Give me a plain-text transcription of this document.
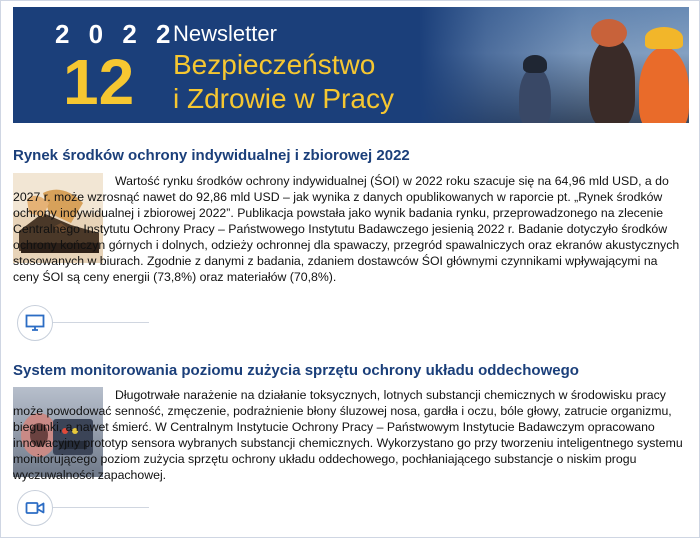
2 0 2 2
12
Newsletter
Bezpieczeństwo
i Zdrowie w Pracy
Rynek środków ochrony indywidualnej i zbiorowej 2022

Wartość rynku środków ochrony indywidualnej (ŚOI) w 2022 roku szacuje się na 64,96 mld USD, a do 2027 r. może wzrosnąć nawet do 92,86 mld USD – jak wynika z danych opublikowanych w raporcie pt. „Rynek środków ochrony indywidualnej i zbiorowej 2022”. Publikacja powstała jako wynik badania rynku, przeprowadzonego na zlecenie Centralnego Instytutu Ochrony Pracy – Państwowego Instytutu Badawczego jesienią 2022 r. Badanie dotyczyło środków ochrony kończyn górnych i dolnych, odzieży ochronnej dla spawaczy, przegród spawalniczych oraz ekranów akustycznych stosowanych w biurach. Zgodnie z danymi z badania, zdaniem dostawców ŚOI głównymi czynnikami wpływającymi na ceny ŚOI są ceny energii (73,8%) oraz materiałów (70,8%).

System monitorowania poziomu zużycia sprzętu ochrony układu oddechowego

Długotrwałe narażenie na działanie toksycznych, lotnych substancji chemicznych w środowisku pracy może powodować senność, zmęczenie, podrażnienie błony śluzowej nosa, gardła i oczu, bóle głowy, zatrucie organizmu, biegunki, a nawet śmierć. W Centralnym Instytucie Ochrony Pracy – Państwowym Instytucie Badawczym opracowano innowacyjny prototyp sensora wybranych substancji chemicznych. Wykorzystano go przy tworzeniu inteligentnego systemu monitorującego poziom zużycia sprzętu ochrony układu oddechowego, pochłaniającego substancje o niskim progu wyczuwalności zapachowej.
